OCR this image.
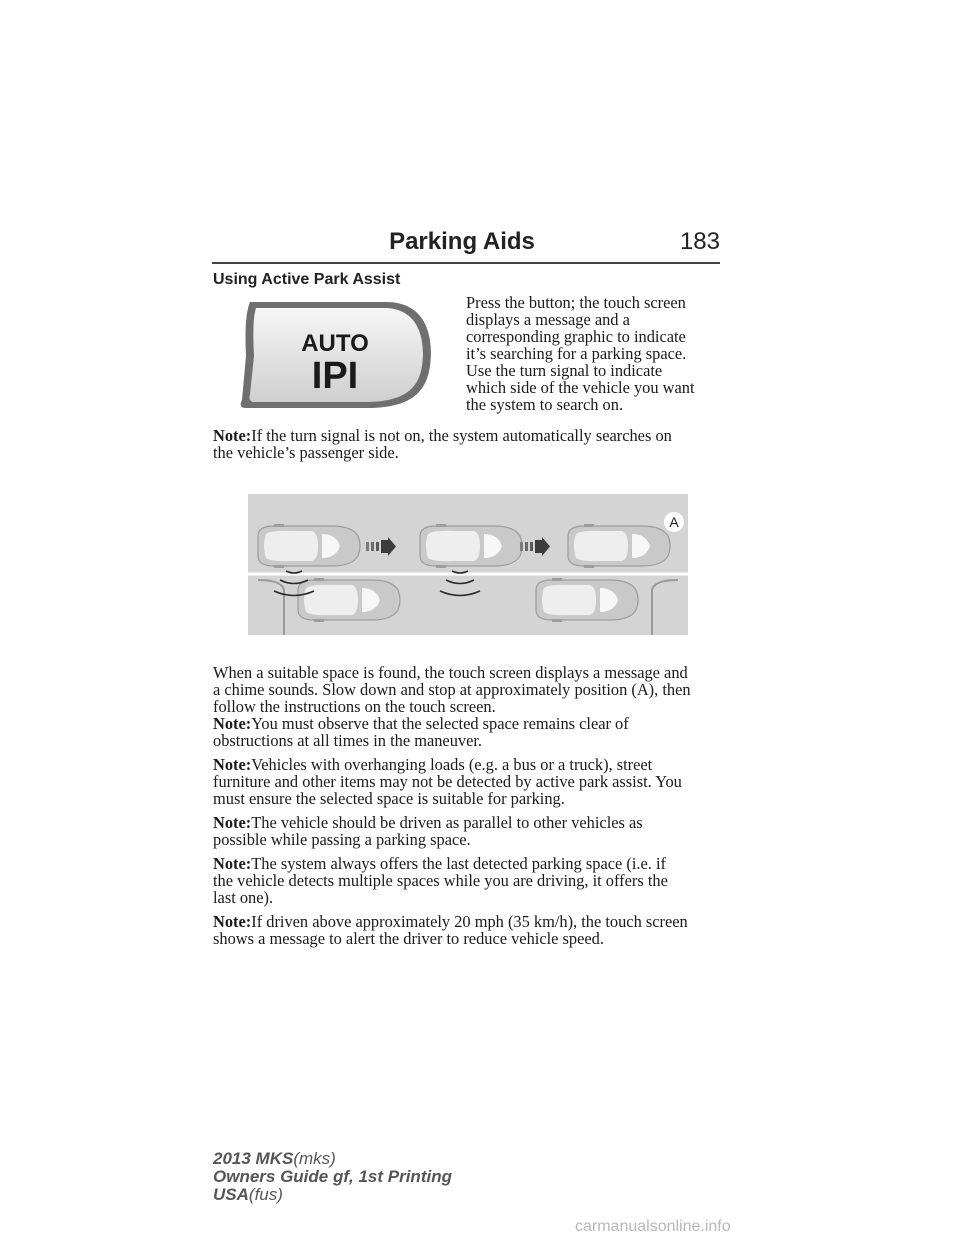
Parking Aids	183
Using Active Park Assist
AUTO
IPI
Press the button; the touch screen
displays a message and a
corresponding graphic to indicate
it’s searching for a parking space.
Use the turn signal to indicate
which side of the vehicle you want
the system to search on.
Note:If the turn signal is not on, the system automatically searches on
the vehicle’s passenger side.
A
When a suitable space is found, the touch screen displays a message and
a chime sounds. Slow down and stop at approximately position (A), then
follow the instructions on the touch screen.
Note:You must observe that the selected space remains clear of
obstructions at all times in the maneuver.
Note:Vehicles with overhanging loads (e.g. a bus or a truck), street
furniture and other items may not be detected by active park assist. You
must ensure the selected space is suitable for parking.
Note:The vehicle should be driven as parallel to other vehicles as
possible while passing a parking space.
Note:The system always offers the last detected parking space (i.e. if
the vehicle detects multiple spaces while you are driving, it offers the
last one).
Note:If driven above approximately 20 mph (35 km/h), the touch screen
shows a message to alert the driver to reduce vehicle speed.
2013 MKS(mks)
Owners Guide gf, 1st Printing
USA(fus)
carmanualsonline.info
